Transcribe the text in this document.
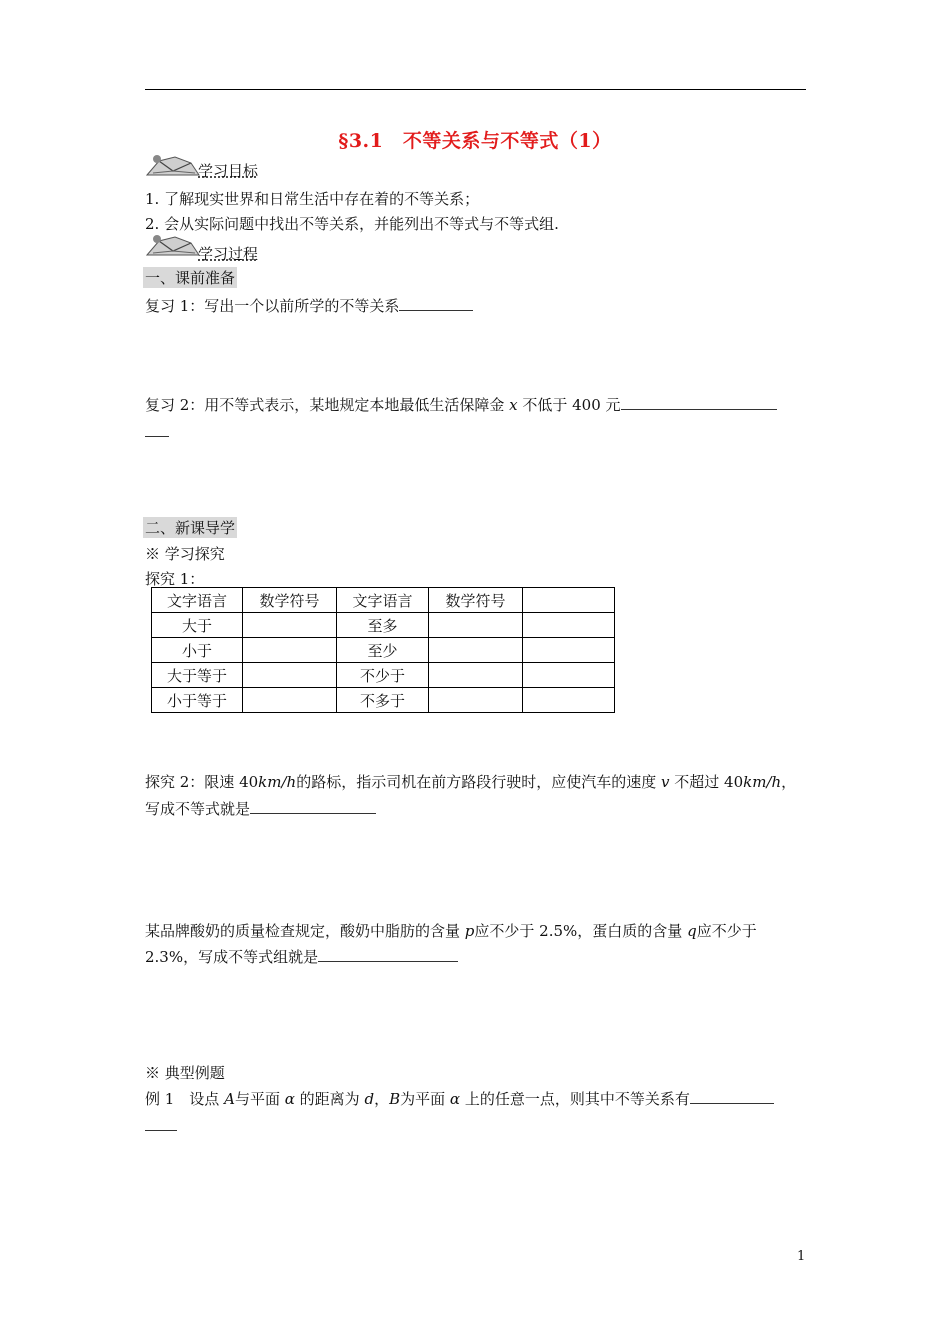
§3.1　不等关系与不等式（1）
学习目标
1. 了解现实世界和日常生活中存在着的不等关系；
2. 会从实际问题中找出不等关系，并能列出不等式与不等式组.
学习过程
一、课前准备
复习 1：写出一个以前所学的不等关系
复习 2：用不等式表示，某地规定本地最低生活保障金 x 不低于 400 元
二、新课导学
※ 学习探究
探究 1：
文字语言	数学符号	文字语言	数学符号	
大于		至多		
小于		至少		
大于等于		不少于		
小于等于		不多于		
探究 2：限速 40km/h的路标，指示司机在前方路段行驶时，应使汽车的速度 v 不超过 40km/h，
写成不等式就是
某品牌酸奶的质量检查规定，酸奶中脂肪的含量 p应不少于 2.5%，蛋白质的含量 q应不少于
2.3%，写成不等式组就是
※ 典型例题
例 1　设点 A与平面 α 的距离为 d，B为平面 α 上的任意一点，则其中不等关系有
1
